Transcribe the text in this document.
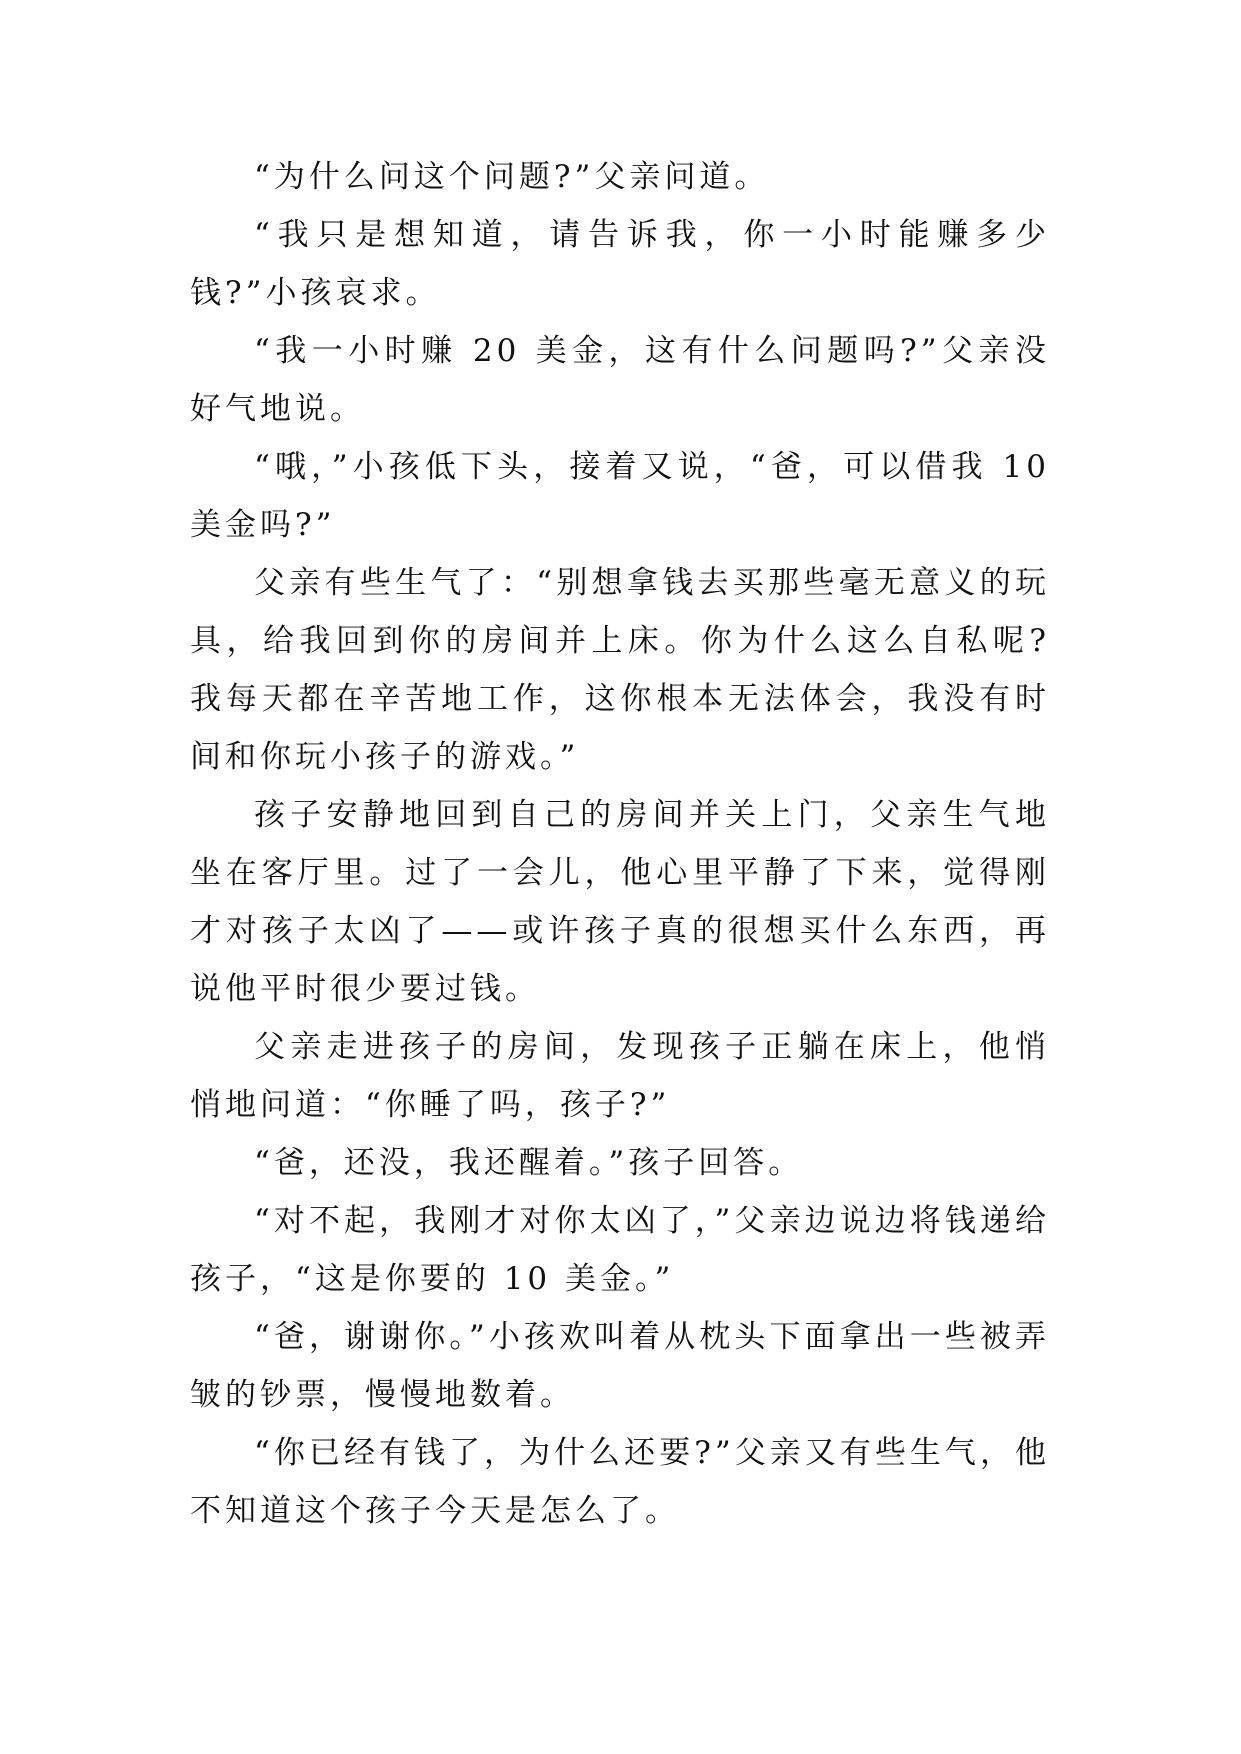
“为什么问这个问题?”父亲问道。

“我只是想知道，请告诉我，你一小时能赚多少钱?”小孩哀求。

“我一小时赚 20 美金，这有什么问题吗?”父亲没好气地说。

“哦，”小孩低下头，接着又说，“爸，可以借我 10 美金吗?”

父亲有些生气了：“别想拿钱去买那些毫无意义的玩具，给我回到你的房间并上床。你为什么这么自私呢?我每天都在辛苦地工作，这你根本无法体会，我没有时间和你玩小孩子的游戏。”

孩子安静地回到自己的房间并关上门，父亲生气地坐在客厅里。过了一会儿，他心里平静了下来，觉得刚才对孩子太凶了——或许孩子真的很想买什么东西，再说他平时很少要过钱。

父亲走进孩子的房间，发现孩子正躺在床上，他悄悄地问道：“你睡了吗，孩子?”

“爸，还没，我还醒着。”孩子回答。

“对不起，我刚才对你太凶了，”父亲边说边将钱递给孩子，“这是你要的 10 美金。”

“爸，谢谢你。”小孩欢叫着从枕头下面拿出一些被弄皱的钞票，慢慢地数着。

“你已经有钱了，为什么还要?”父亲又有些生气，他不知道这个孩子今天是怎么了。
